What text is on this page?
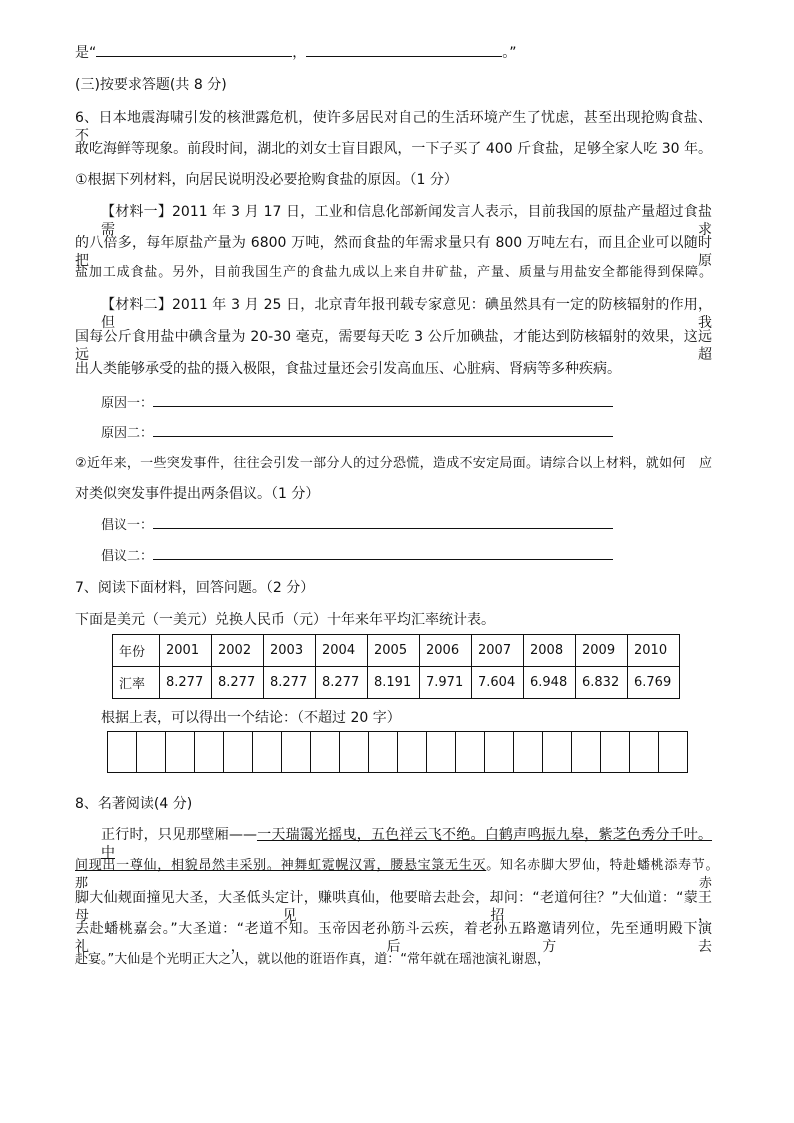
是“	，	。”
(三)按要求答题(共 8 分)
6、日本地震海啸引发的核泄露危机，使许多居民对自己的生活环境产生了忧虑，甚至出现抢购食盐、不
敢吃海鲜等现象。前段时间，湖北的刘女士盲目跟风，一下子买了 400 斤食盐，足够全家人吃 30 年。
①根据下列材料，向居民说明没必要抢购食盐的原因。（1 分）
【材料一】2011 年 3 月 17 日，工业和信息化部新闻发言人表示，目前我国的原盐产量超过食盐需求
的八倍多，每年原盐产量为 6800 万吨，然而食盐的年需求量只有 800 万吨左右，而且企业可以随时把原
盐加工成食盐。另外，目前我国生产的食盐九成以上来自井矿盐，产量、质量与用盐安全都能得到保障。
【材料二】2011 年 3 月 25 日，北京青年报刊载专家意见：碘虽然具有一定的防核辐射的作用，但我
国每公斤食用盐中碘含量为 20-30 毫克，需要每天吃 3 公斤加碘盐，才能达到防核辐射的效果，这远远超
出人类能够承受的盐的摄入极限，食盐过量还会引发高血压、心脏病、肾病等多种疾病。
原因一：
原因二：
②近年来，一些突发事件，往往会引发一部分人的过分恐慌，造成不安定局面。请综合以上材料，就如何　应
对类似突发事件提出两条倡议。（1 分）
倡议一：
倡议二：
7、阅读下面材料，回答问题。（2 分）
下面是美元（一美元）兑换人民币（元）十年来年平均汇率统计表。
年份	2001	2002	2003	2004	2005	2006	2007	2008	2009	2010
汇率	8.277	8.277	8.277	8.277	8.191	7.971	7.604	6.948	6.832	6.769
根据上表，可以得出一个结论：（不超过 20 字）
8、名著阅读(4 分)
正行时，只见那壁厢——一天瑞霭光摇曳，五色祥云飞不绝。白鹤声鸣振九皋，紫芝色秀分千叶。中
间现出一尊仙，相貌昂然丰采别。神舞虹霓幌汉霄，腰悬宝箓无生灭。知名赤脚大罗仙，特赴蟠桃添寿节。　　那赤
脚大仙觌面撞见大圣，大圣低头定计，赚哄真仙，他要暗去赴会，却问：“老道何往？”大仙道：“蒙王母见招，
去赴蟠桃嘉会。”大圣道：“老道不知。玉帝因老孙筋斗云疾，着老孙五路邀请列位，先至通明殿下演礼，后方去
赴宴。”大仙是个光明正大之人，就以他的诳语作真，道：“常年就在瑶池演礼谢恩，
